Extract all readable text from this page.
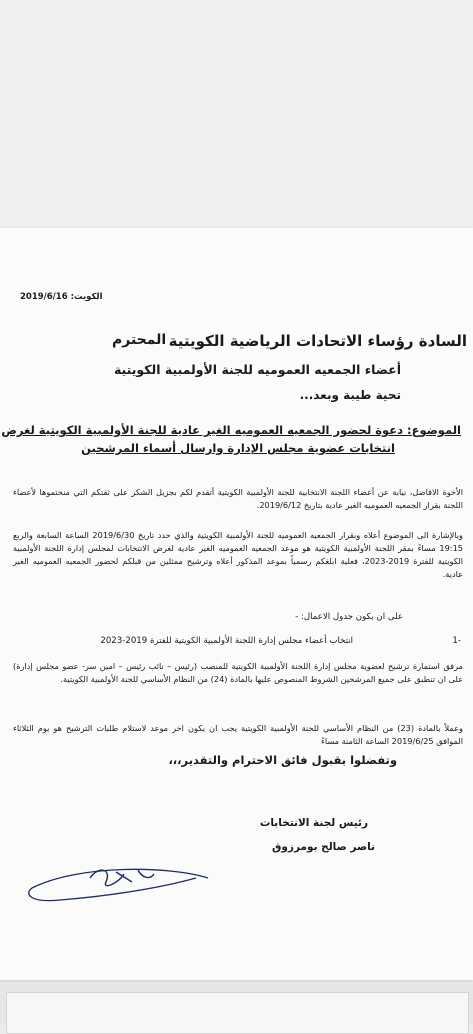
الكويت: 2019/6/16
السادة رؤساء الاتحادات الرياضية الكويتية
المحترم
أعضاء الجمعيه العموميه للجنة الأولمبية الكويتية
تحية طيبة وبعد...
الموضوع: دعوة لحضور الجمعيه العموميه الغير عادية للجنة الأولمبية الكويتية لغرض
انتخابات عضوية مجلس الإدارة وارسال أسماء المرشحين
الأخوة الافاضل، نيابة عن أعضاء اللجنة الانتخابية للجنة الأولمبية الكويتية أتقدم لكم بجزيل الشكر على ثقتكم التي منحتموها لأعضاء اللجنة بقرار الجمعيه العموميه الغير عادية بتاريخ 2019/6/12.
وبالإشارة الى الموضوع أعلاه وبقرار الجمعيه العموميه للجنة الأولمبية الكويتية والذي حدد تاريخ 2019/6/30 الساعة السابعة والربع 19:15 مساءً بمقر اللجنة الأولمبية الكويتية هو موعد الجمعيه العموميه الغير عادية لغرض الانتخابات لمجلس إدارة اللجنة الأولمبية الكويتية للفترة 2019-2023، فعلية ابلغكم رسمياً بموعد المذكور أعلاه وترشيح ممثلين من قبلكم لحضور الجمعيه العموميه الغير عادية.
على ان يكون جدول الاعمال: -
-1
انتخاب أعضاء مجلس إدارة اللجنة الأولمبية الكويتية للفترة 2019-2023
مرفق استمارة ترشيح لعضوية مجلس إدارة اللجنة الأولمبية الكويتية للمنصب (رئيس – نائب رئيس – امين سر- عضو مجلس إدارة) على ان تنطبق على جميع المرشحين الشروط المنصوص عليها بالمادة (24) من النظام الأساسي للجنة الأولمبية الكويتية.
وعملاً بالمادة (23) من النظام الأساسي للجنة الأولمبية الكويتية يجب ان يكون اخر موعد لاستلام طلبات الترشيح هو يوم الثلاثاء الموافق 2019/6/25 الساعة الثامنة مساءً
وتفضلوا بقبول فائق الاحترام والتقدير،،،
رئيس لجنة الانتخابات
ناصر صالح بومرزوق
